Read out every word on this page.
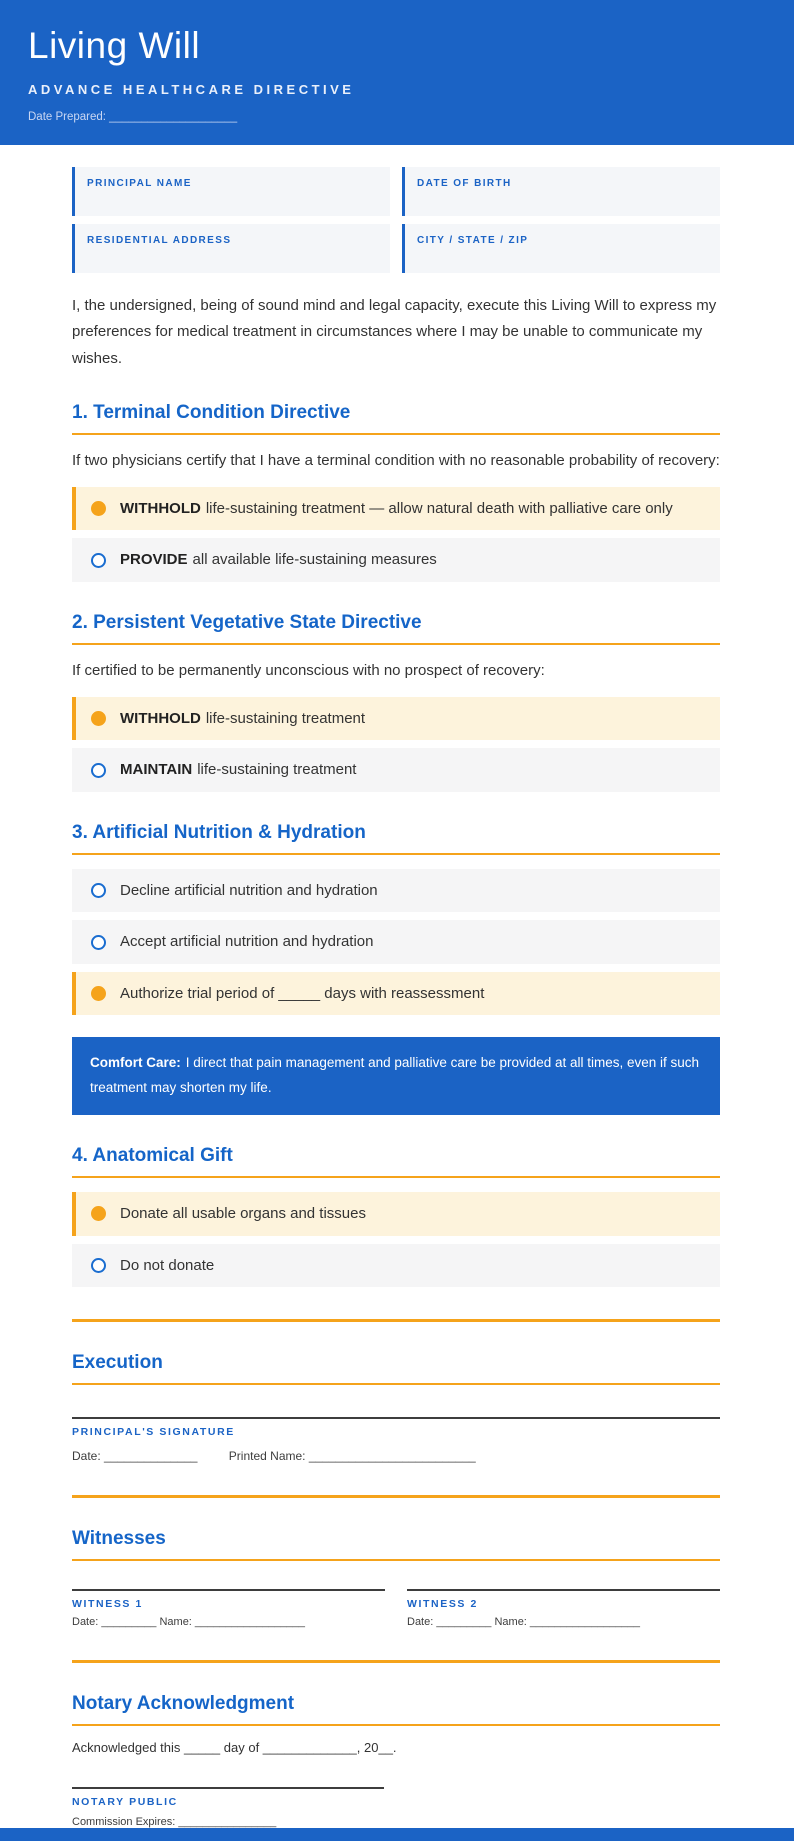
Living Will

ADVANCE HEALTHCARE DIRECTIVE

Date Prepared: ____________________

PRINCIPAL NAME	DATE OF BIRTH
RESIDENTIAL ADDRESS	CITY / STATE / ZIP

I, the undersigned, being of sound mind and legal capacity, execute this Living Will to express my preferences for medical treatment in circumstances where I may be unable to communicate my wishes.

1. Terminal Condition Directive

If two physicians certify that I have a terminal condition with no reasonable probability of recovery:

WITHHOLD life-sustaining treatment — allow natural death with palliative care only
PROVIDE all available life-sustaining measures
2. Persistent Vegetative State Directive

If certified to be permanently unconscious with no prospect of recovery:

WITHHOLD life-sustaining treatment
MAINTAIN life-sustaining treatment
3. Artificial Nutrition & Hydration
Decline artificial nutrition and hydration
Accept artificial nutrition and hydration
Authorize trial period of _____ days with reassessment
Comfort Care: I direct that pain management and palliative care be provided at all times, even if such treatment may shorten my life.
4. Anatomical Gift
Donate all usable organs and tissues
Do not donate
Execution
PRINCIPAL'S SIGNATURE
Date: ______________	Printed Name: _________________________
Witnesses
WITNESS 1
Date: _________ Name: __________________
WITNESS 2
Date: _________ Name: __________________
Notary Acknowledgment

Acknowledged this _____ day of _____________, 20__.

NOTARY PUBLIC
Commission Expires: ________________
